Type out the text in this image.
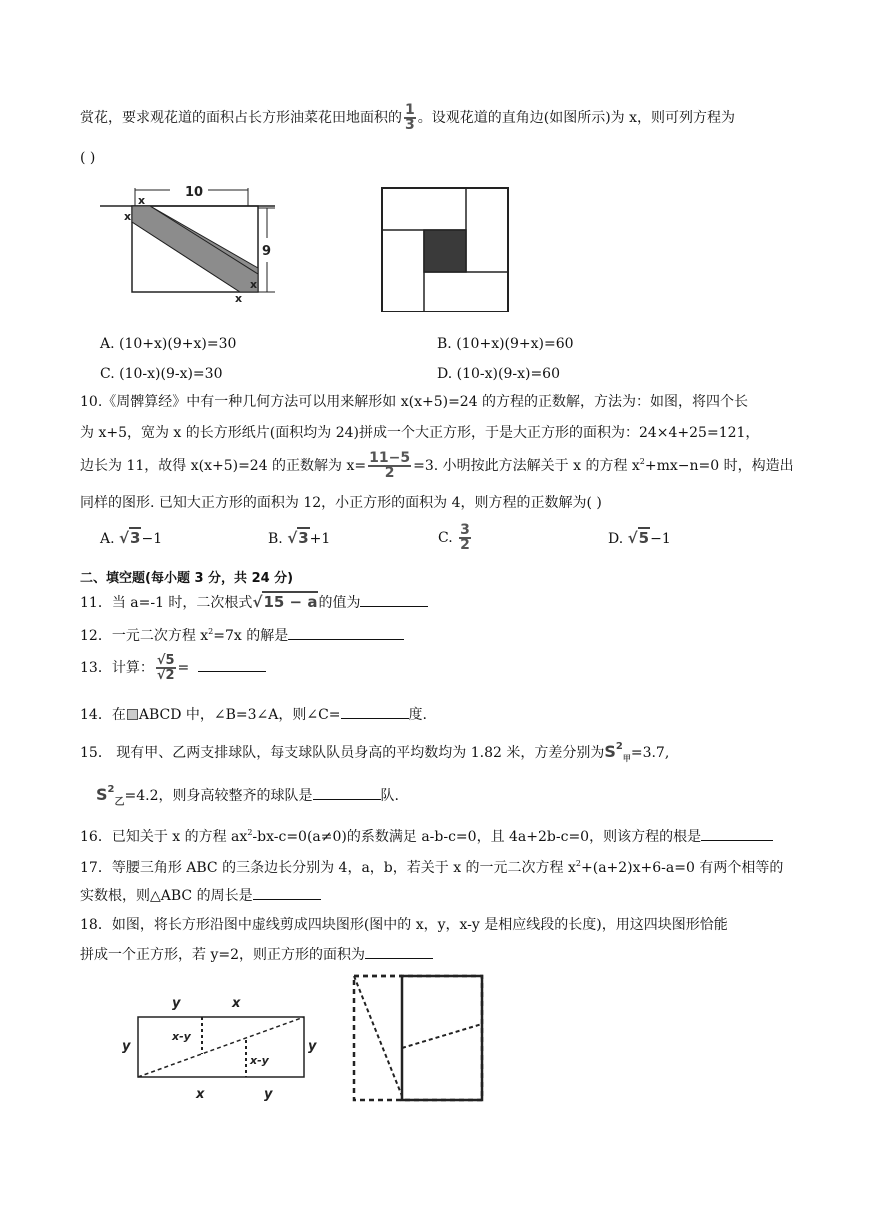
赏花，要求观花道的面积占长方形油菜花田地面积的 $\frac{1}{3}$ 。设观花道的直角边(如图所示)为 x，则可列方程为
( )
10
x
x
x
x
9
A. (10+x)(9+x)=30	B. (10+x)(9+x)=60
C. (10-x)(9-x)=30	D. (10-x)(9-x)=60
10.《周髀算经》中有一种几何方法可以用来解形如 x(x+5)=24 的方程的正数解，方法为：如图，将四个长
为 x+5，宽为 x 的长方形纸片(面积均为 24)拼成一个大正方形，于是大正方形的面积为：24×4+25=121，
边长为 11，故得 x(x+5)=24 的正数解为 $x= \frac{11-5}{2} =3$. 小明按此方法解关于 x 的方程 $x^2+mx-n=0$ 时，构造出
同样的图形. 已知大正方形的面积为 12，小正方形的面积为 4，则方程的正数解为( )
A. √3−1	B. √3+1	C. $\frac{3}{2}$	D. √5−1
二、填空题(每小题 3 分，共 24 分)
11．当 a=-1 时，二次根式√15 − a的值为
12．一元二次方程 $x^2=7x$ 的解是
13．计算： $\frac{√5}{√2}$ =
14．在 ABCD 中，∠B=3∠A，则∠C=	度.
15． 现有甲、乙两支排球队，每支球队队员身高的平均数均为 1.82 米，方差分别为$S^2_甲=3.7$,
$S^2_乙=4.2$，则身高较整齐的球队是	队.
16．已知关于 x 的方程 $ax^2-bx-c=0(a\ne 0)$的系数满足 a-b-c=0，且 4a+2b-c=0，则该方程的根是
17．等腰三角形 ABC 的三条边长分别为 4，a，b，若关于 x 的一元二次方程 $x^2+(a+2)x+6-a=0$ 有两个相等的
实数根，则△ABC 的周长是
18．如图，将长方形沿图中虚线剪成四块图形(图中的 x，y，x-y 是相应线段的长度)，用这四块图形恰能
拼成一个正方形，若 y=2，则正方形的面积为
y	x
y	y
x-y
x-y
x	y
